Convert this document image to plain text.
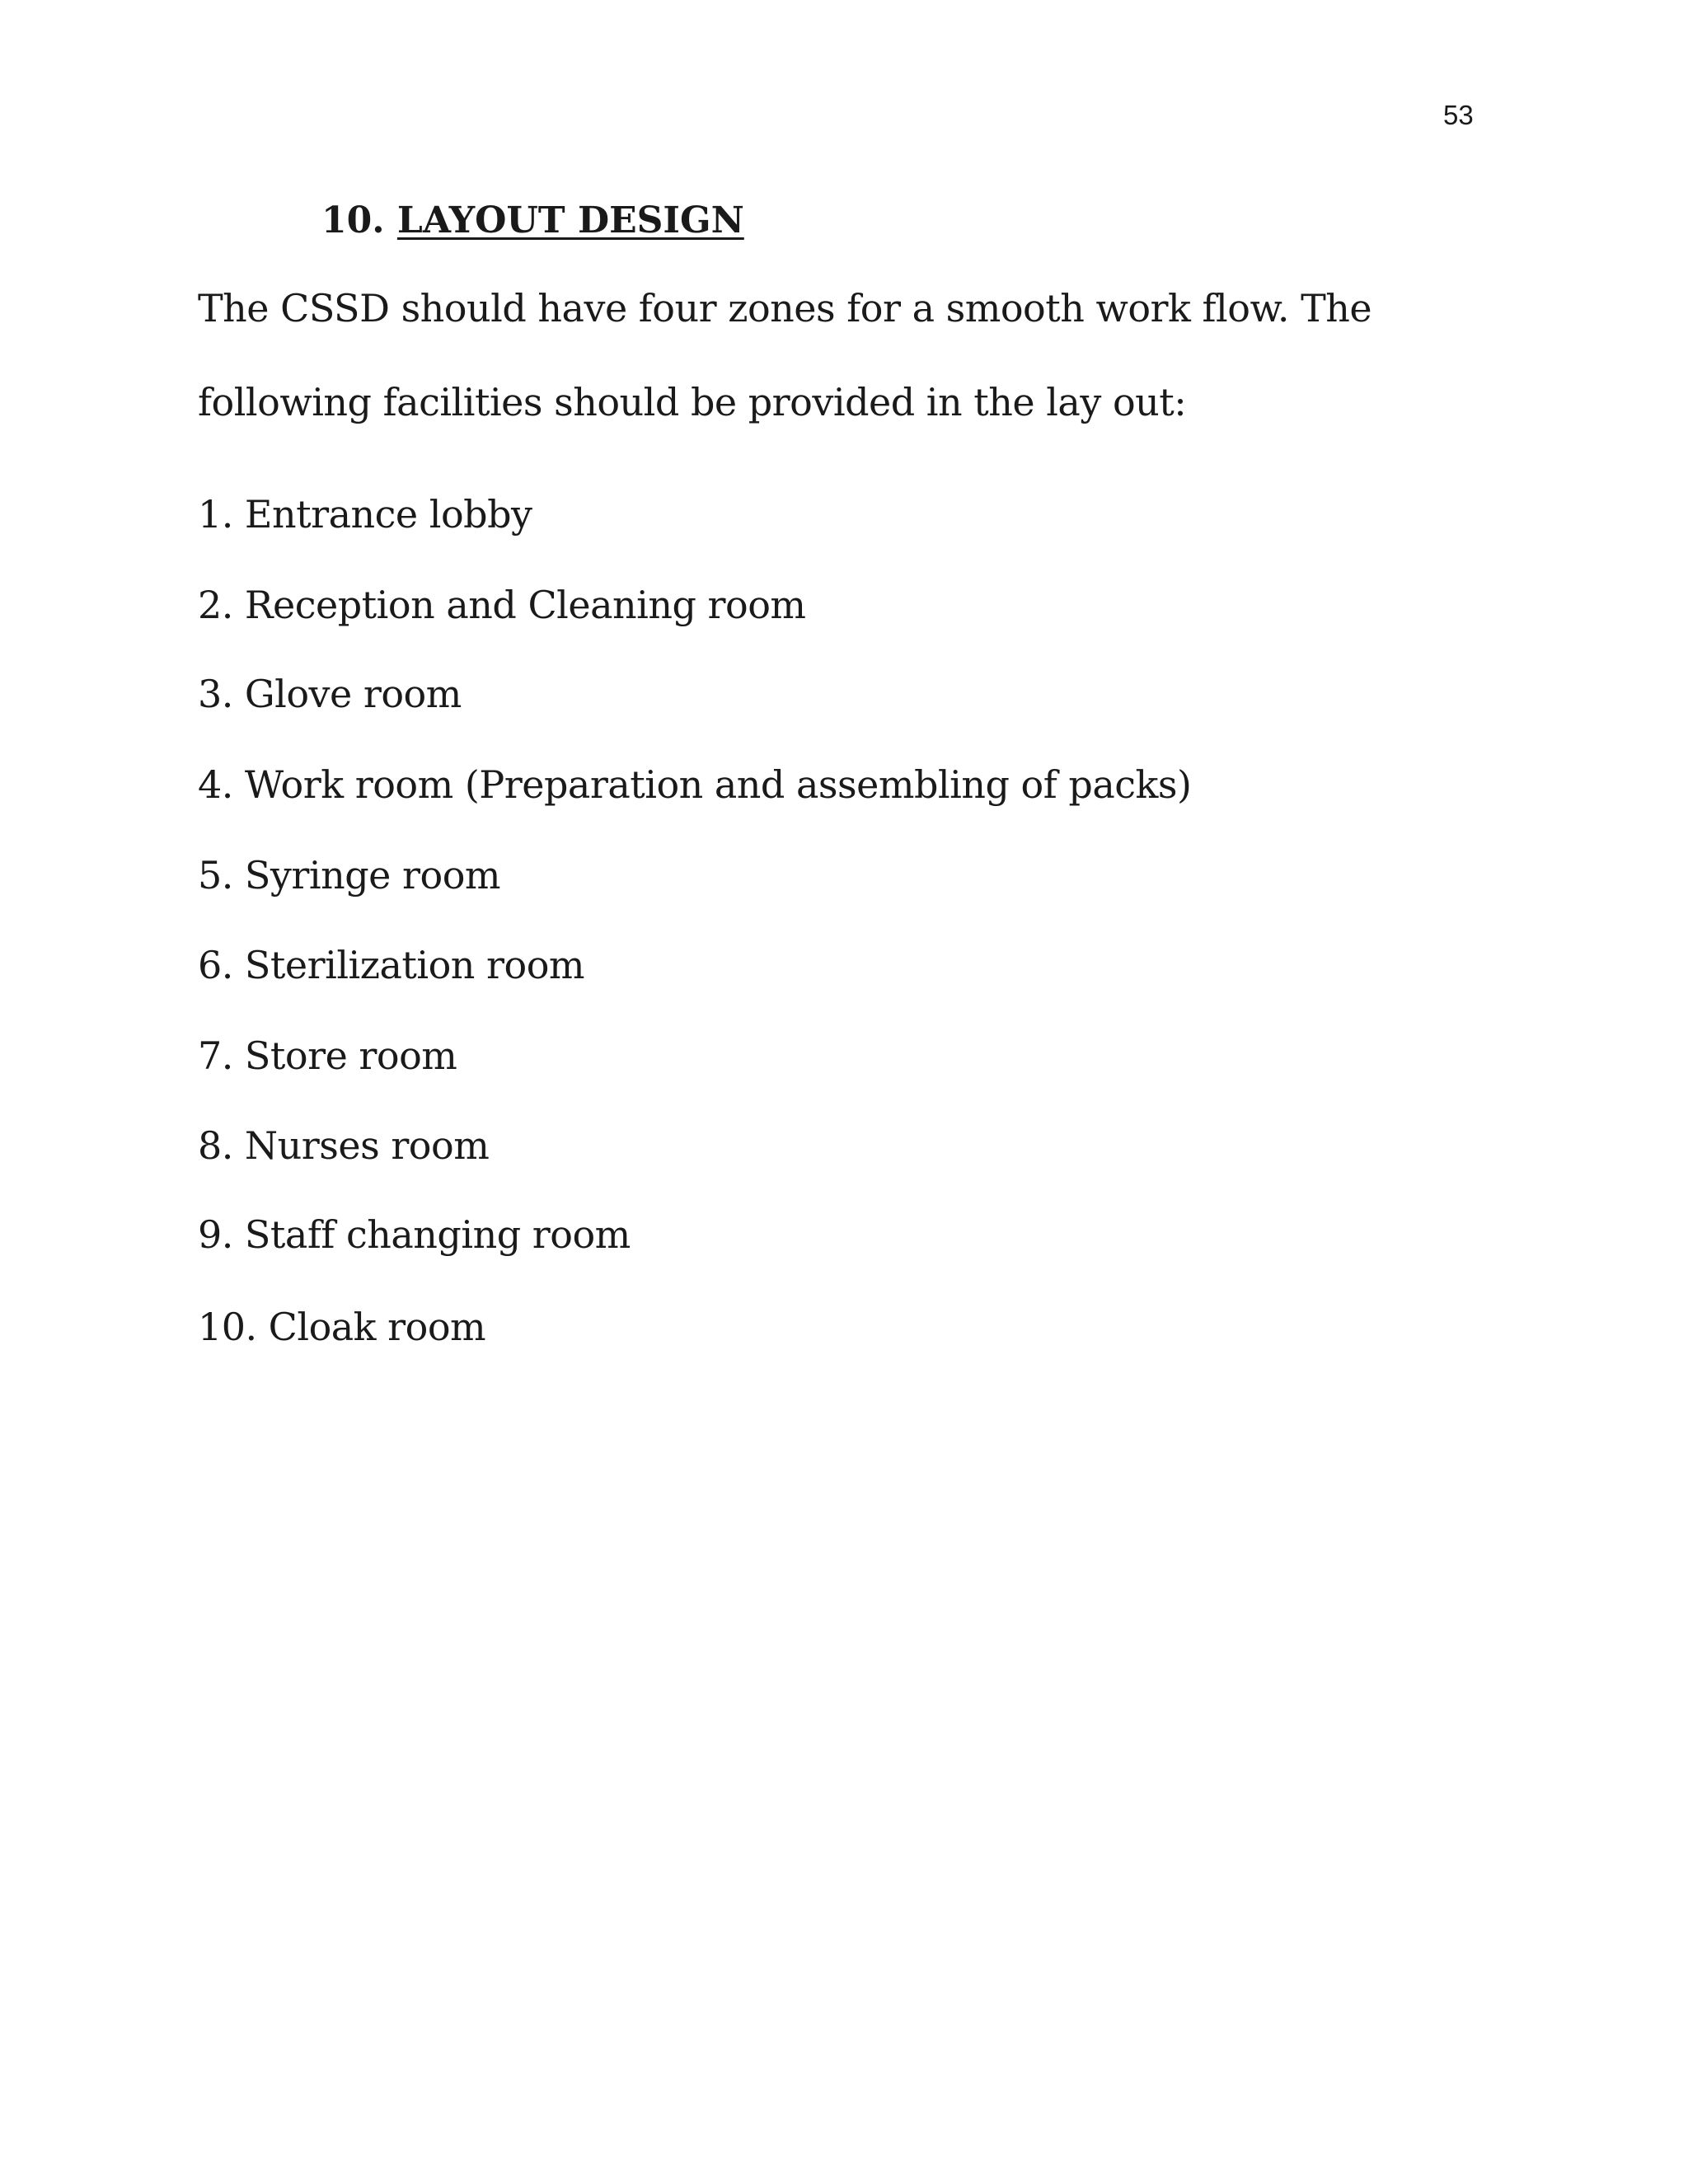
53
10. LAYOUT DESIGN
The CSSD should have four zones for a smooth work flow. The
following facilities should be provided in the lay out:
1. Entrance lobby
2. Reception and Cleaning room
3. Glove room
4. Work room (Preparation and assembling of packs)
5. Syringe room
6. Sterilization room
7. Store room
8. Nurses room
9. Staff changing room
10. Cloak room
